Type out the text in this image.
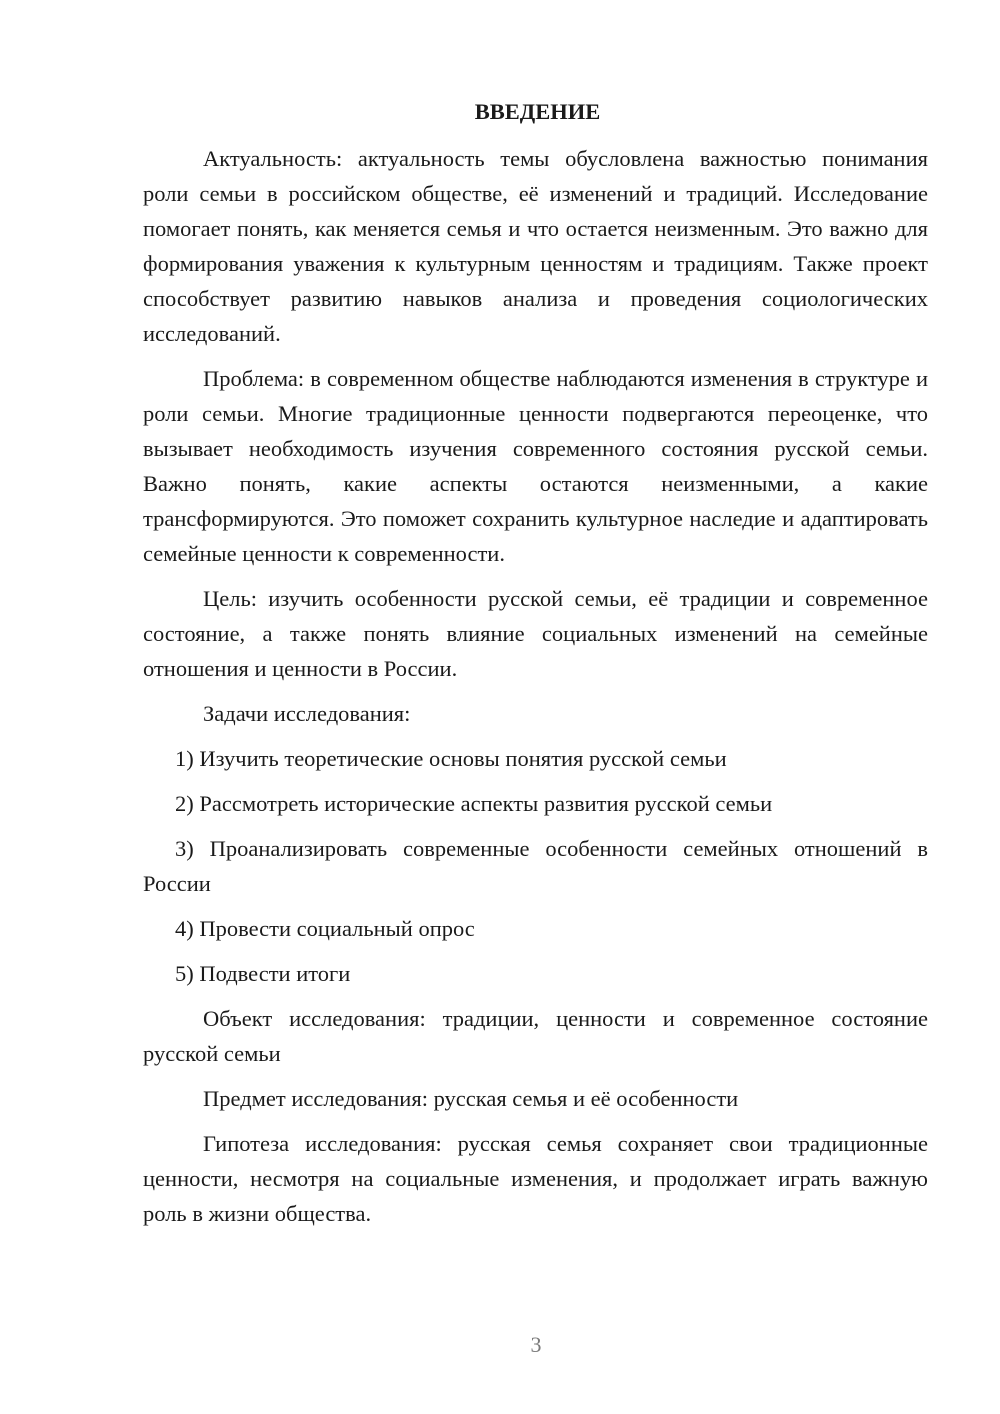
ВВЕДЕНИЕ

Актуальность: актуальность темы обусловлена важностью понимания роли семьи в российском обществе, её изменений и традиций. Исследование помогает понять, как меняется семья и что остается неизменным. Это важно для формирования уважения к культурным ценностям и традициям. Также проект способствует развитию навыков анализа и проведения социологических исследований.

Проблема: в современном обществе наблюдаются изменения в структуре и роли семьи. Многие традиционные ценности подвергаются переоценке, что вызывает необходимость изучения современного состояния русской семьи. Важно понять, какие аспекты остаются неизменными, а какие трансформируются. Это поможет сохранить культурное наследие и адаптировать семейные ценности к современности.

Цель: изучить особенности русской семьи, её традиции и современное состояние, а также понять влияние социальных изменений на семейные отношения и ценности в России.

Задачи исследования:

1) Изучить теоретические основы понятия русской семьи

2) Рассмотреть исторические аспекты развития русской семьи

3) Проанализировать современные особенности семейных отношений в России

4) Провести социальный опрос

5) Подвести итоги

Объект исследования: традиции, ценности и современное состояние русской семьи

Предмет исследования: русская семья и её особенности

Гипотеза исследования: русская семья сохраняет свои традиционные ценности, несмотря на социальные изменения, и продолжает играть важную роль в жизни общества.

3
